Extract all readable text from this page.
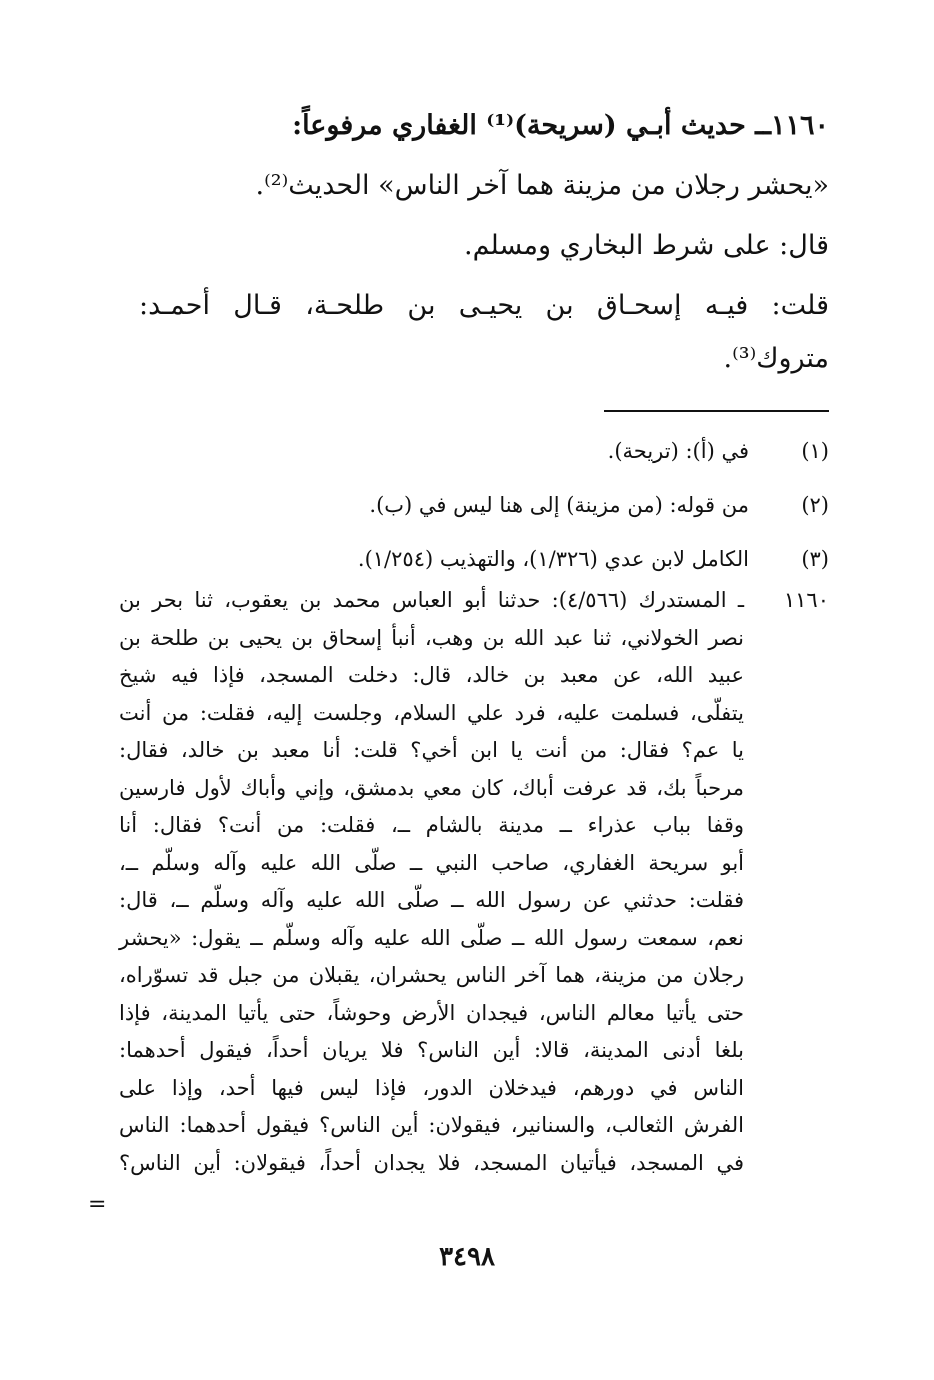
١١٦٠ــ حديث أبـي (سريحة)⁽¹⁾ الغفاري مرفوعاً:
«يحشر رجلان من مزينة هما آخر الناس» الحديث⁽²⁾.
قال: على شرط البخاري ومسلم.
قلت: فيـه إسحـاق بن يحيـى بن طلحـة، قـال أحمـد:
متروك⁽³⁾.
(١)
في (أ): (تريحة).
(٢)
من قوله: (من مزينة) إلى هنا ليس في (ب).
(٣)
الكامل لابن عدي (١/٣٢٦)، والتهذيب (١/٢٥٤).
١١٦٠
ـ المستدرك (٤/٥٦٦): حدثنا أبو العباس محمد بن يعقوب، ثنا بحر بن
نصر الخولاني، ثنا عبد الله بن وهب، أنبأ إسحاق بن يحيى بن طلحة بن
عبيد الله، عن معبد بن خالد، قال: دخلت المسجد، فإذا فيه شيخ
يتفلّى، فسلمت عليه، فرد علي السلام، وجلست إليه، فقلت: من أنت
يا عم؟ فقال: من أنت يا ابن أخي؟ قلت: أنا معبد بن خالد، فقال:
مرحباً بك، قد عرفت أباك، كان معي بدمشق، وإني وأباك لأول فارسين
وقفا بباب عذراء ــ مدينة بالشام ــ، فقلت: من أنت؟ فقال: أنا
أبو سريحة الغفاري، صاحب النبي ــ صلّى الله عليه وآله وسلّم ــ،
فقلت: حدثني عن رسول الله ــ صلّى الله عليه وآله وسلّم ــ، قال:
نعم، سمعت رسول الله ــ صلّى الله عليه وآله وسلّم ــ يقول: «يحشر
رجلان من مزينة، هما آخر الناس يحشران، يقبلان من جبل قد تسوّراه،
حتى يأتيا معالم الناس، فيجدان الأرض وحوشاً، حتى يأتيا المدينة، فإذا
بلغا أدنى المدينة، قالا: أين الناس؟ فلا يريان أحداً، فيقول أحدهما:
الناس في دورهم، فيدخلان الدور، فإذا ليس فيها أحد، وإذا على
الفرش الثعالب، والسنانير، فيقولان: أين الناس؟ فيقول أحدهما: الناس
في المسجد، فيأتيان المسجد، فلا يجدان أحداً، فيقولان: أين الناس؟
=
٣٤٩٨
